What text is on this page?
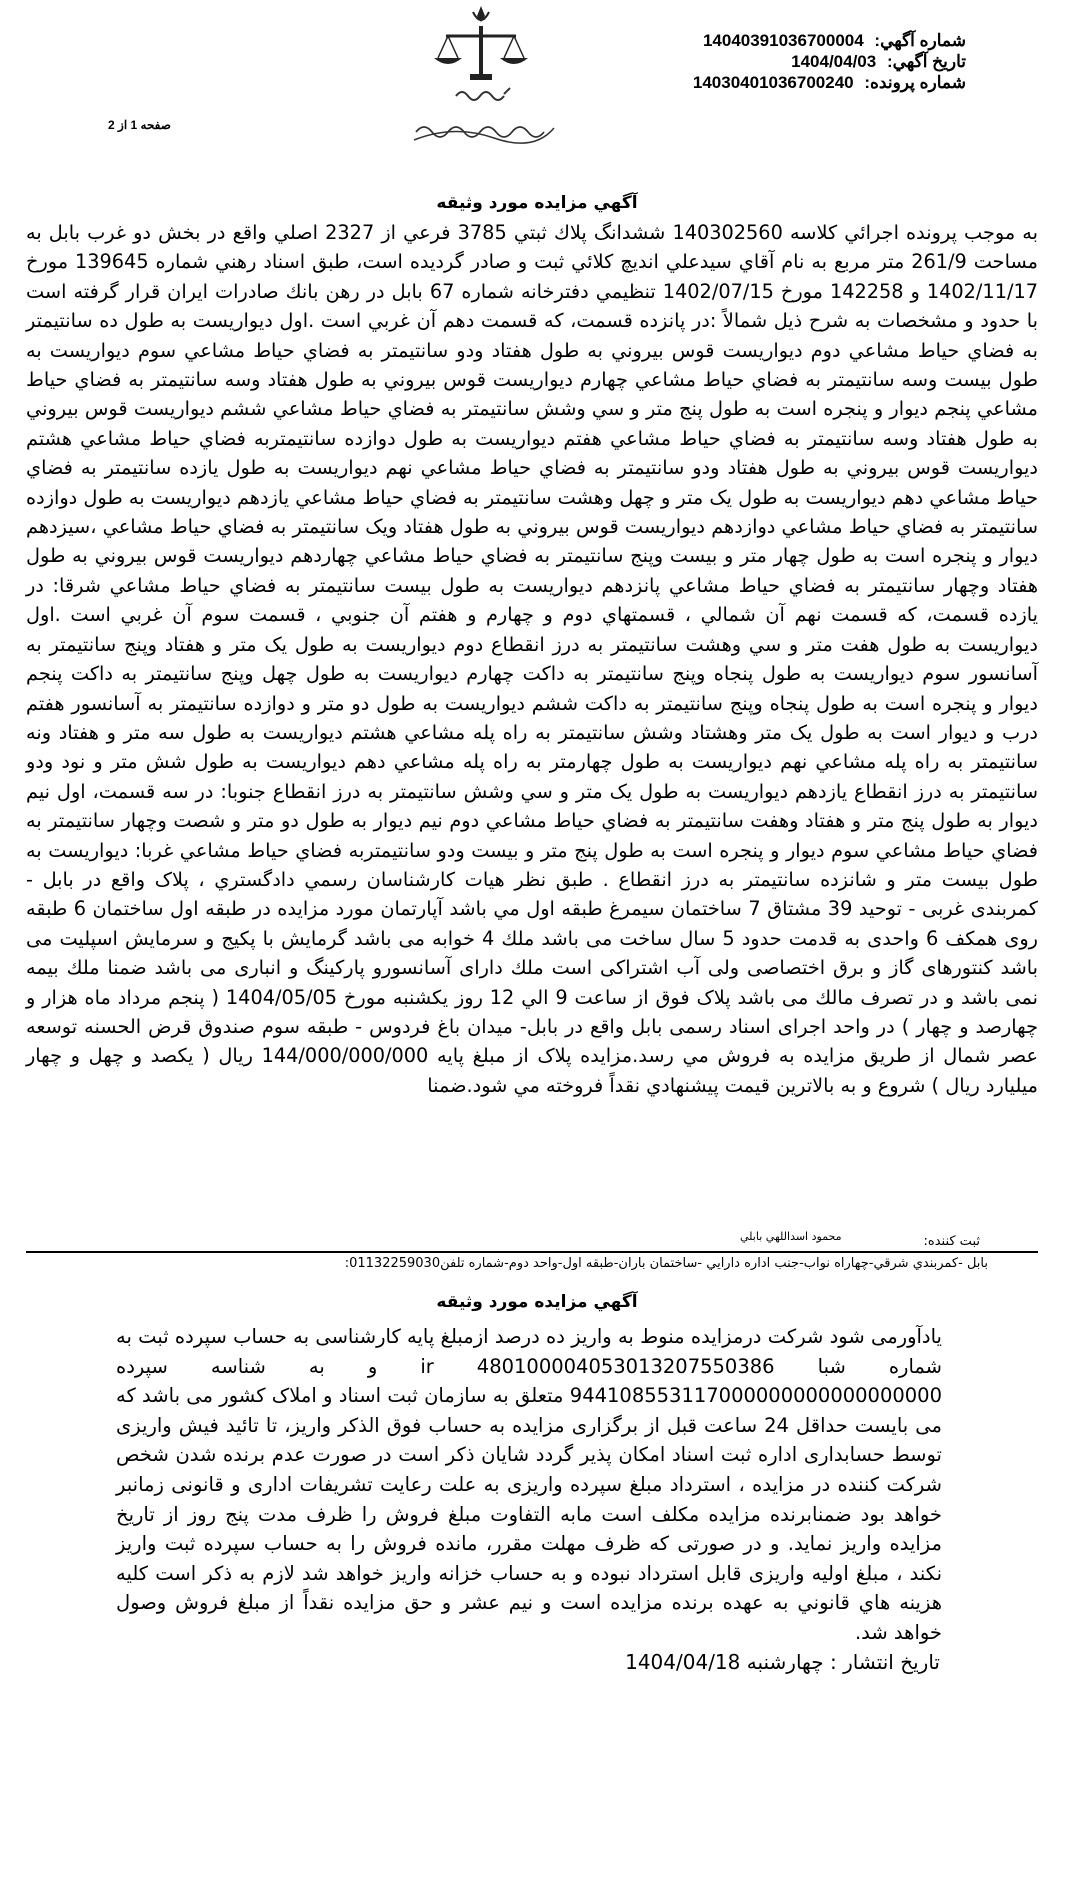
شماره آگهي: 14040391036700004
تاريخ آگهي: 1404/04/03
شماره پرونده: 14030401036700240
صفحه 1 از 2
آگهي مزايده مورد وثيقه
به موجب پرونده اجرائي كلاسه 140302560 ششدانگ پلاك ثبتي 3785 فرعي از 2327 اصلي واقع در بخش دو غرب بابل به مساحت 261/9 متر مربع به نام آقاي سيدعلي انديچ كلائي ثبت و صادر گرديده است، طبق اسناد رهني شماره 139645 مورخ 1402/11/17 و 142258 مورخ 1402/07/15 تنظيمي دفترخانه شماره 67 بابل در رهن بانك صادرات ايران قرار گرفته است با حدود و مشخصات به شرح ذيل شمالاً :در پانزده قسمت، كه قسمت دهم آن غربي است .اول ديواريست به طول ده سانتيمتر به فضاي حياط مشاعي دوم ديواريست قوس بيروني به طول هفتاد ودو سانتيمتر به فضاي حياط مشاعي سوم ديواريست به طول بيست وسه سانتيمتر به فضاي حياط مشاعي چهارم ديواريست قوس بيروني به طول هفتاد وسه سانتيمتر به فضاي حياط مشاعي پنجم ديوار و پنجره است به طول پنج متر و سي وشش سانتيمتر به فضاي حياط مشاعي ششم ديواريست قوس بيروني به طول هفتاد وسه سانتيمتر به فضاي حياط مشاعي هفتم ديواريست به طول دوازده سانتيمتربه فضاي حياط مشاعي هشتم ديواريست قوس بيروني به طول هفتاد ودو سانتيمتر به فضاي حياط مشاعي نهم ديواريست به طول يازده سانتيمتر به فضاي حياط مشاعي دهم ديواريست به طول يک متر و چهل وهشت سانتيمتر به فضاي حياط مشاعي يازدهم ديواريست به طول دوازده سانتيمتر به فضاي حياط مشاعي دوازدهم ديواريست قوس بيروني به طول هفتاد ويک سانتيمتر به فضاي حياط مشاعي ،سيزدهم ديوار و پنجره است به طول چهار متر و بيست وپنج سانتيمتر به فضاي حياط مشاعي چهاردهم ديواريست قوس بيروني به طول هفتاد وچهار سانتيمتر به فضاي حياط مشاعي پانزدهم ديواريست به طول بيست سانتيمتر به فضاي حياط مشاعي شرقا: در يازده قسمت، كه قسمت نهم آن شمالي ، قسمتهاي دوم و چهارم و هفتم آن جنوبي ، قسمت سوم آن غربي است .اول ديواريست به طول هفت متر و سي وهشت سانتيمتر به درز انقطاع دوم ديواريست به طول يک متر و هفتاد وپنج سانتيمتر به آسانسور سوم ديواريست به طول پنجاه وپنج سانتيمتر به داكت چهارم ديواريست به طول چهل وپنج سانتيمتر به داكت پنجم ديوار و پنجره است به طول پنجاه وپنج سانتيمتر به داكت ششم ديواريست به طول دو متر و دوازده سانتيمتر به آسانسور هفتم درب و ديوار است به طول يک متر وهشتاد وشش سانتيمتر به راه پله مشاعي هشتم ديواريست به طول سه متر و هفتاد ونه سانتيمتر به راه پله مشاعي نهم ديواريست به طول چهارمتر به راه پله مشاعي دهم ديواريست به طول شش متر و نود ودو سانتيمتر به درز انقطاع يازدهم ديواريست به طول يک متر و سي وشش سانتيمتر به درز انقطاع جنوبا: در سه قسمت، اول نيم ديوار به طول پنج متر و هفتاد وهفت سانتيمتر به فضاي حياط مشاعي دوم نيم ديوار به طول دو متر و شصت وچهار سانتيمتر به فضاي حياط مشاعي سوم ديوار و پنجره است به طول پنج متر و بيست ودو سانتيمتربه فضاي حياط مشاعي غربا: ديواريست به طول بيست متر و شانزده سانتيمتر به درز انقطاع . طبق نظر هيات كارشناسان رسمي دادگستري ، پلاک واقع در بابل - كمربندی غربی - توحيد 39 مشتاق 7 ساختمان سيمرغ طبقه اول مي باشد آپارتمان مورد مزايده در طبقه اول ساختمان 6 طبقه روی همكف 6 واحدی به قدمت حدود 5 سال ساخت می باشد ملك 4 خوابه می باشد گرمايش با پكيج و سرمايش اسپليت می باشد كنتورهای گاز و برق اختصاصی ولی آب اشتراكی است ملك دارای آسانسورو پاركينگ و انباری می باشد ضمنا ملك بيمه نمی باشد و در تصرف مالك می باشد پلاک فوق از ساعت 9 الي 12 روز يكشنبه مورخ 1404/05/05 ( پنجم مرداد ماه هزار و چهارصد و چهار ) در واحد اجرای اسناد رسمی بابل واقع در بابل- ميدان باغ فردوس - طبقه سوم صندوق قرض الحسنه توسعه عصر شمال از طريق مزايده به فروش مي رسد.مزايده پلاک از مبلغ پايه 144/000/000/000 ريال ( يكصد و چهل و چهار ميليارد ريال ) شروع و به بالاترين قيمت پيشنهادي نقداً فروخته مي شود.ضمنا
ثبت كننده:
محمود اسداللهي بابلي
بابل -كمربندي شرقي-چهاراه نواب-جنب اداره دارايي -ساختمان باران-طبقه اول-واحد دوم-شماره تلفن01132259030:
آگهي مزايده مورد وثيقه
يادآورمی شود شركت درمزايده منوط به واريز ده درصد ازمبلغ پايه كارشناسی به حساب سپرده ثبت به شماره شبا ir 480100004053013207550386 و به شناسه سپرده 944108553117000000000000000000 متعلق به سازمان ثبت اسناد و املاک كشور می باشد كه می بايست حداقل 24 ساعت قبل از برگزاری مزايده به حساب فوق الذكر واريز، تا تائيد فيش واريزی توسط حسابداری اداره ثبت اسناد امكان پذير گردد شايان ذكر است در صورت عدم برنده شدن شخص شركت كننده در مزايده ، استرداد مبلغ سپرده واريزی به علت رعايت تشريفات اداری و قانونی زمانبر خواهد بود ضمنابرنده مزايده مكلف است مابه التفاوت مبلغ فروش را ظرف مدت پنج روز از تاريخ مزايده واريز نمايد. و در صورتی كه ظرف مهلت مقرر، مانده فروش را به حساب سپرده ثبت واريز نكند ، مبلغ اوليه واريزی قابل استرداد نبوده و به حساب خزانه واريز خواهد شد لازم به ذكر است كليه هزينه هاي قانوني به عهده برنده مزايده است و نيم عشر و حق مزايده نقداً از مبلغ فروش وصول خواهد شد.
تاريخ انتشار : چهارشنبه 1404/04/18
